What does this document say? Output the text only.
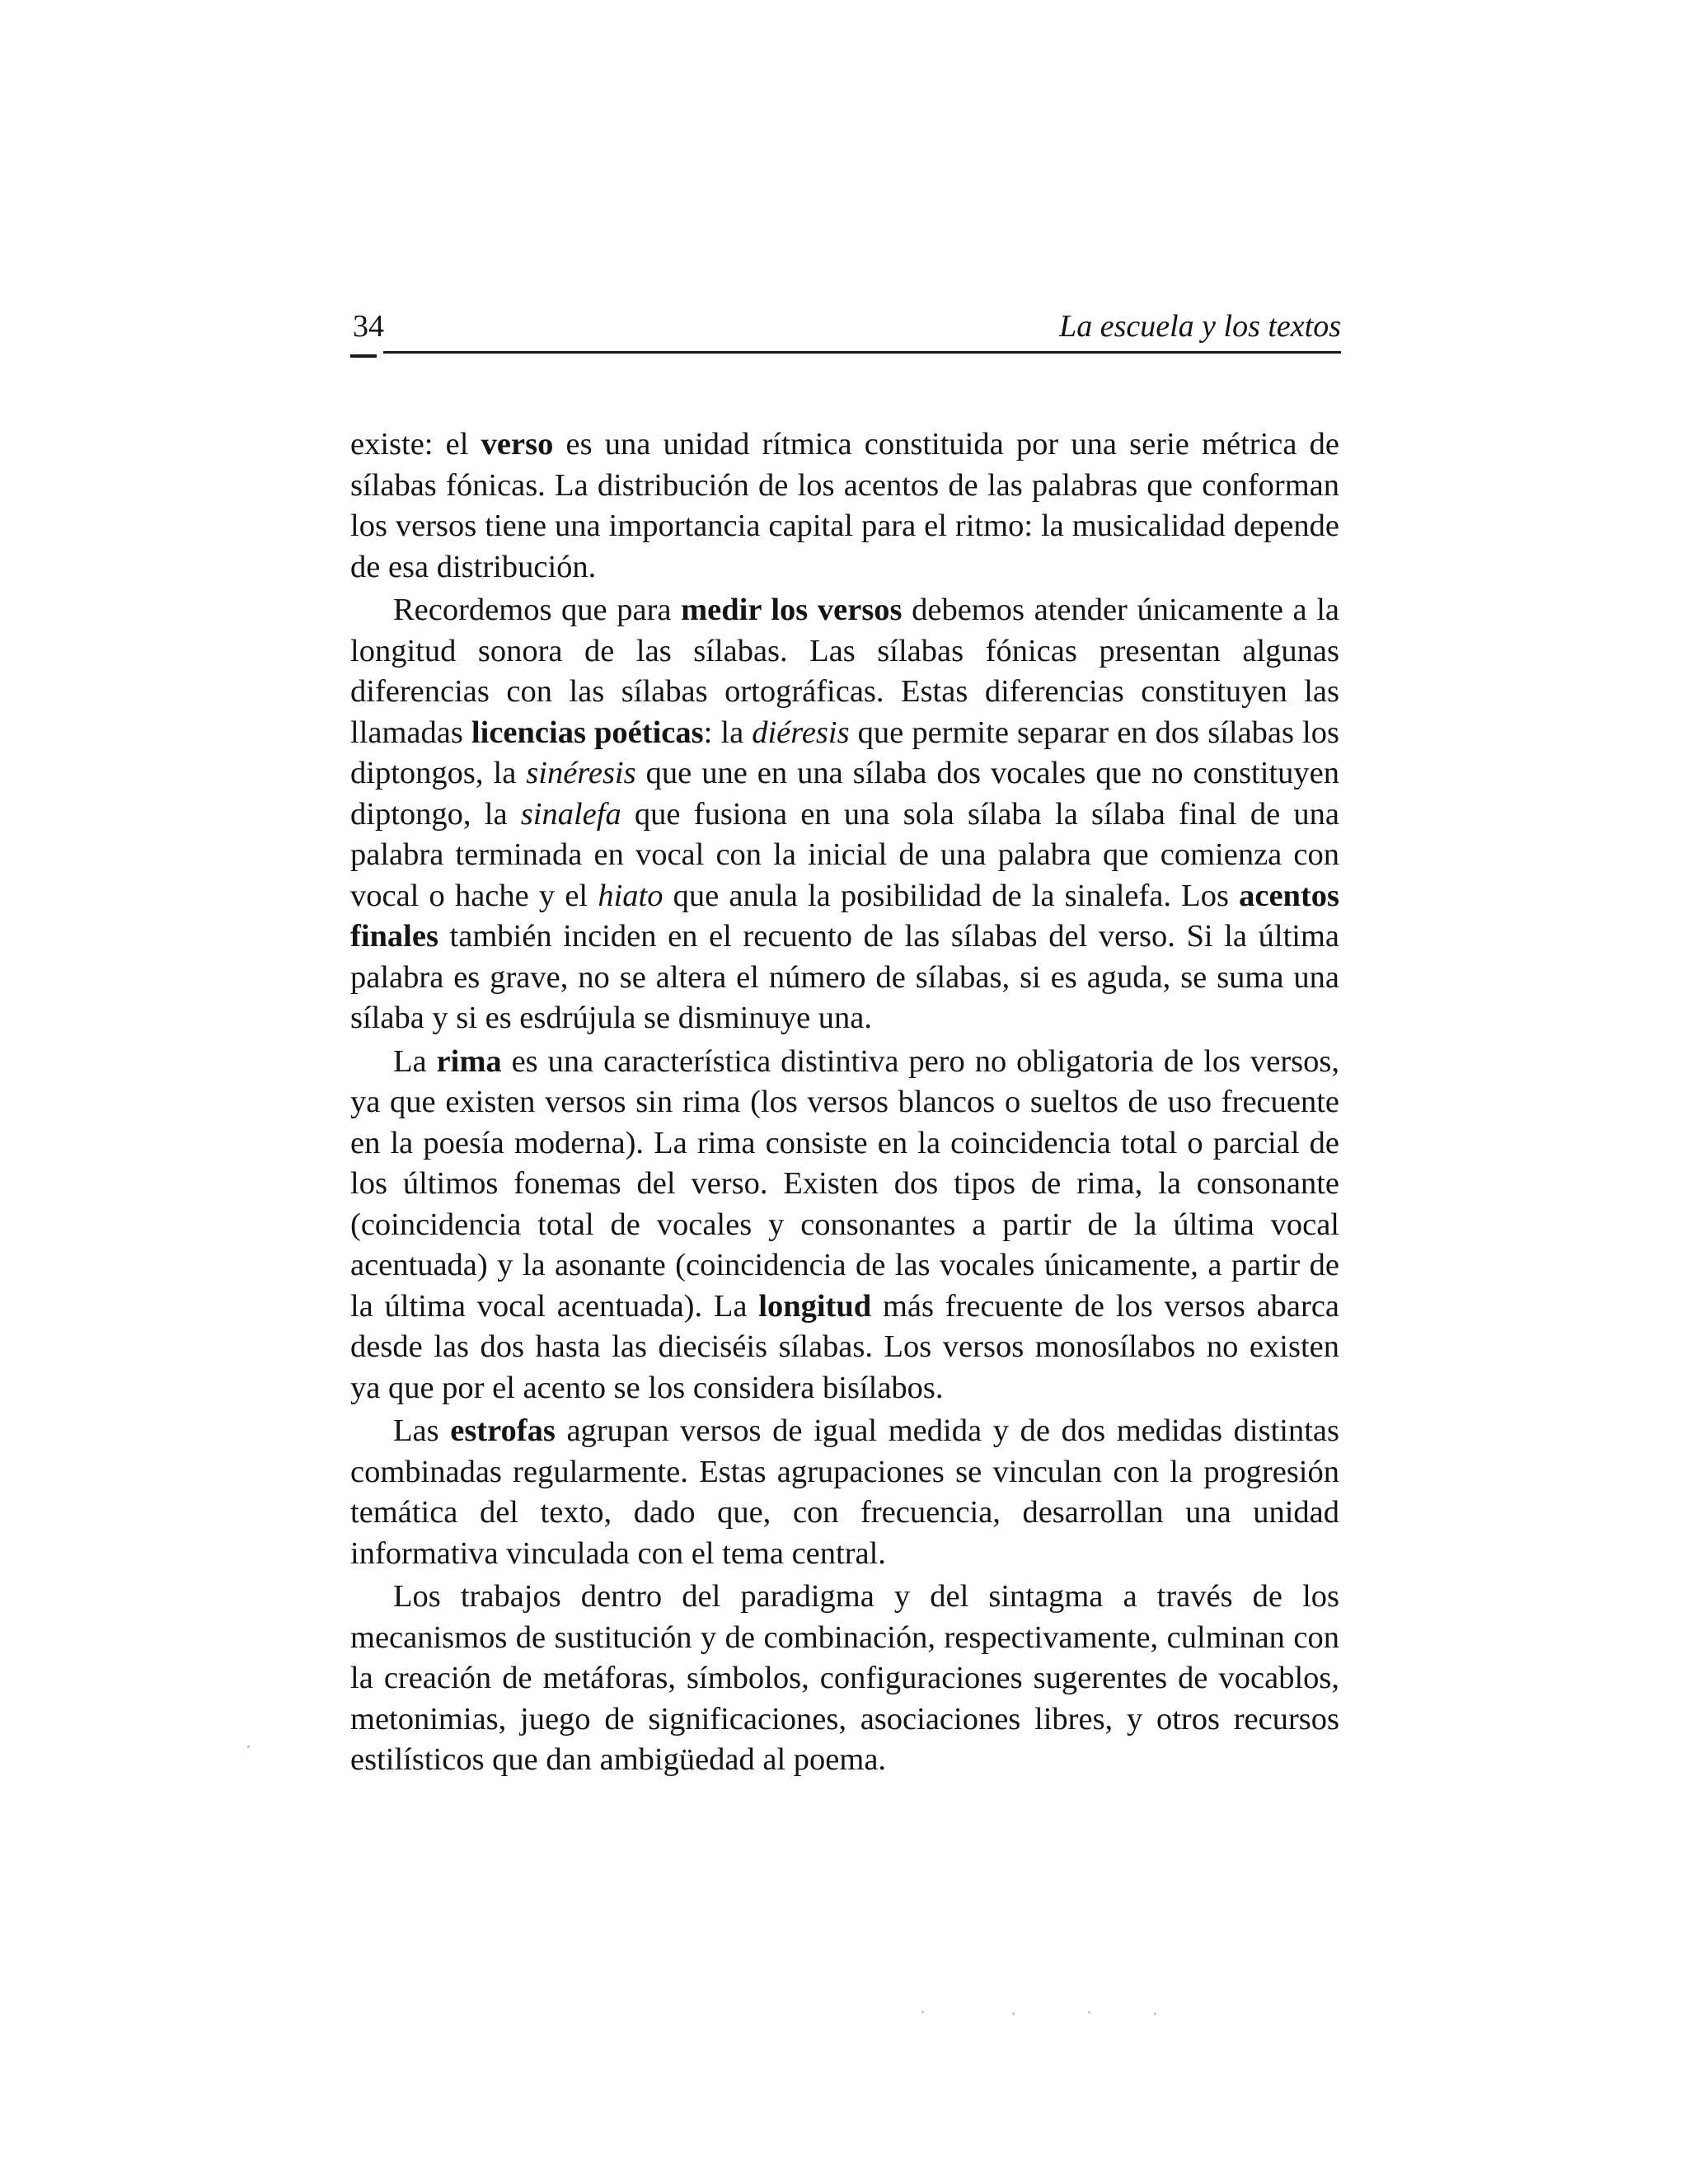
34	La escuela y los textos

existe: el verso es una unidad rítmica constituida por una serie métrica de sílabas fónicas. La distribución de los acentos de las palabras que conforman los versos tiene una importancia capital para el ritmo: la musicalidad depende de esa distribución.

Recordemos que para medir los versos debemos atender únicamente a la longitud sonora de las sílabas. Las sílabas fónicas presentan algunas diferencias con las sílabas ortográficas. Estas diferencias constituyen las llamadas licencias poéticas: la diéresis que permite separar en dos sílabas los diptongos, la sinéresis que une en una sílaba dos vocales que no constituyen diptongo, la sinalefa que fusiona en una sola sílaba la sílaba final de una palabra terminada en vocal con la inicial de una palabra que comienza con vocal o hache y el hiato que anula la posibilidad de la sinalefa. Los acentos finales también inciden en el recuento de las sílabas del verso. Si la última palabra es grave, no se altera el número de sílabas, si es aguda, se suma una sílaba y si es esdrújula se disminuye una.

La rima es una característica distintiva pero no obligatoria de los versos, ya que existen versos sin rima (los versos blancos o sueltos de uso frecuente en la poesía moderna). La rima consiste en la coincidencia total o parcial de los últimos fonemas del verso. Existen dos tipos de rima, la consonante (coincidencia total de vocales y consonantes a partir de la última vocal acentuada) y la asonante (coincidencia de las vocales únicamente, a partir de la última vocal acentuada). La longitud más frecuente de los versos abarca desde las dos hasta las dieciséis sílabas. Los versos monosílabos no existen ya que por el acento se los considera bisílabos.

Las estrofas agrupan versos de igual medida y de dos medidas distintas combinadas regularmente. Estas agrupaciones se vinculan con la progresión temática del texto, dado que, con frecuencia, desarrollan una unidad informativa vinculada con el tema central.

Los trabajos dentro del paradigma y del sintagma a través de los mecanismos de sustitución y de combinación, respectivamente, culminan con la creación de metáforas, símbolos, configuraciones sugerentes de vocablos, metonimias, juego de significaciones, asociaciones libres, y otros recursos estilísticos que dan ambigüedad al poema.
